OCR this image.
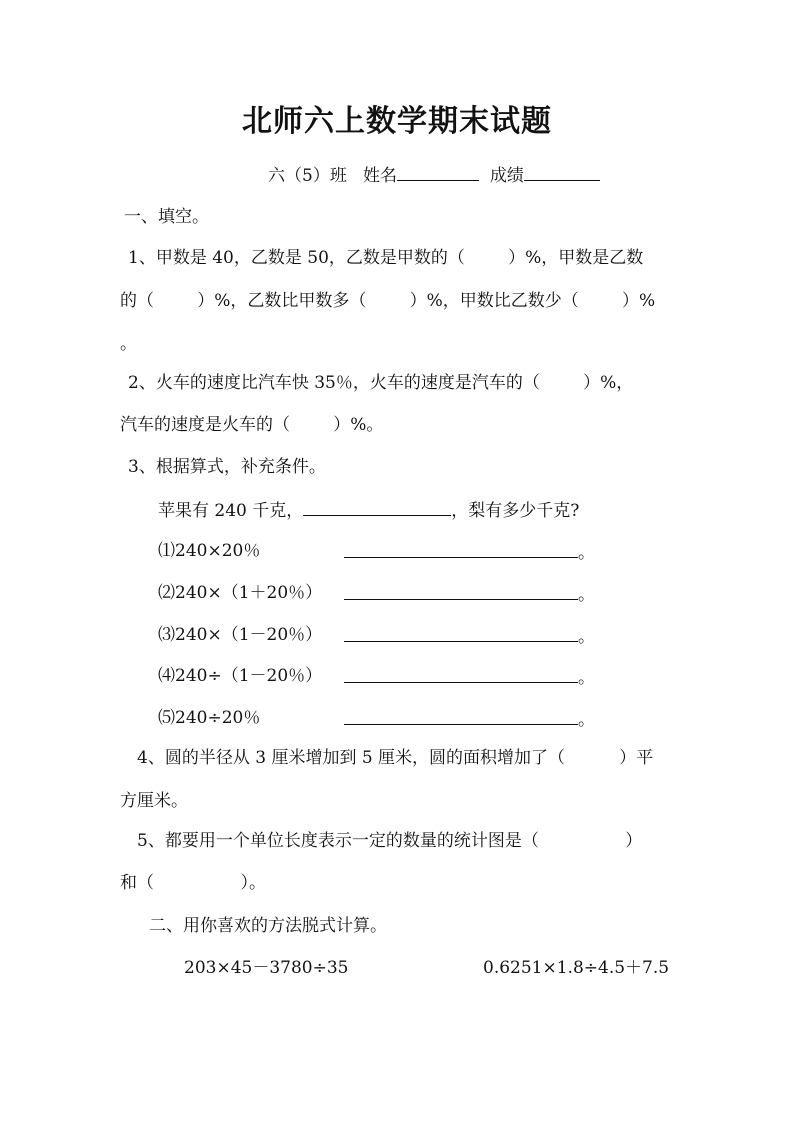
北师六上数学期末试题
六（5）班 姓名	成绩
一、填空。
1、甲数是 40，乙数是 50，乙数是甲数的（        ）%，甲数是乙数
的（        ）%，乙数比甲数多（        ）%，甲数比乙数少（        ）%
。
2、火车的速度比汽车快 35％，火车的速度是汽车的（        ）%，
汽车的速度是火车的（        ）%。
3、根据算式，补充条件。
苹果有 240 千克，	，梨有多少千克?
⑴240×20％	。
⑵240×（1＋20％）	。
⑶240×（1－20％）	。
⑷240÷（1－20％）	。
⑸240÷20％	。
4、圆的半径从 3 厘米增加到 5 厘米，圆的面积增加了（          ）平
方厘米。
5、都要用一个单位长度表示一定的数量的统计图是（                ）
和（                ）。
二、用你喜欢的方法脱式计算。
203×45－3780÷35	0.6251×1.8÷4.5＋7.5
